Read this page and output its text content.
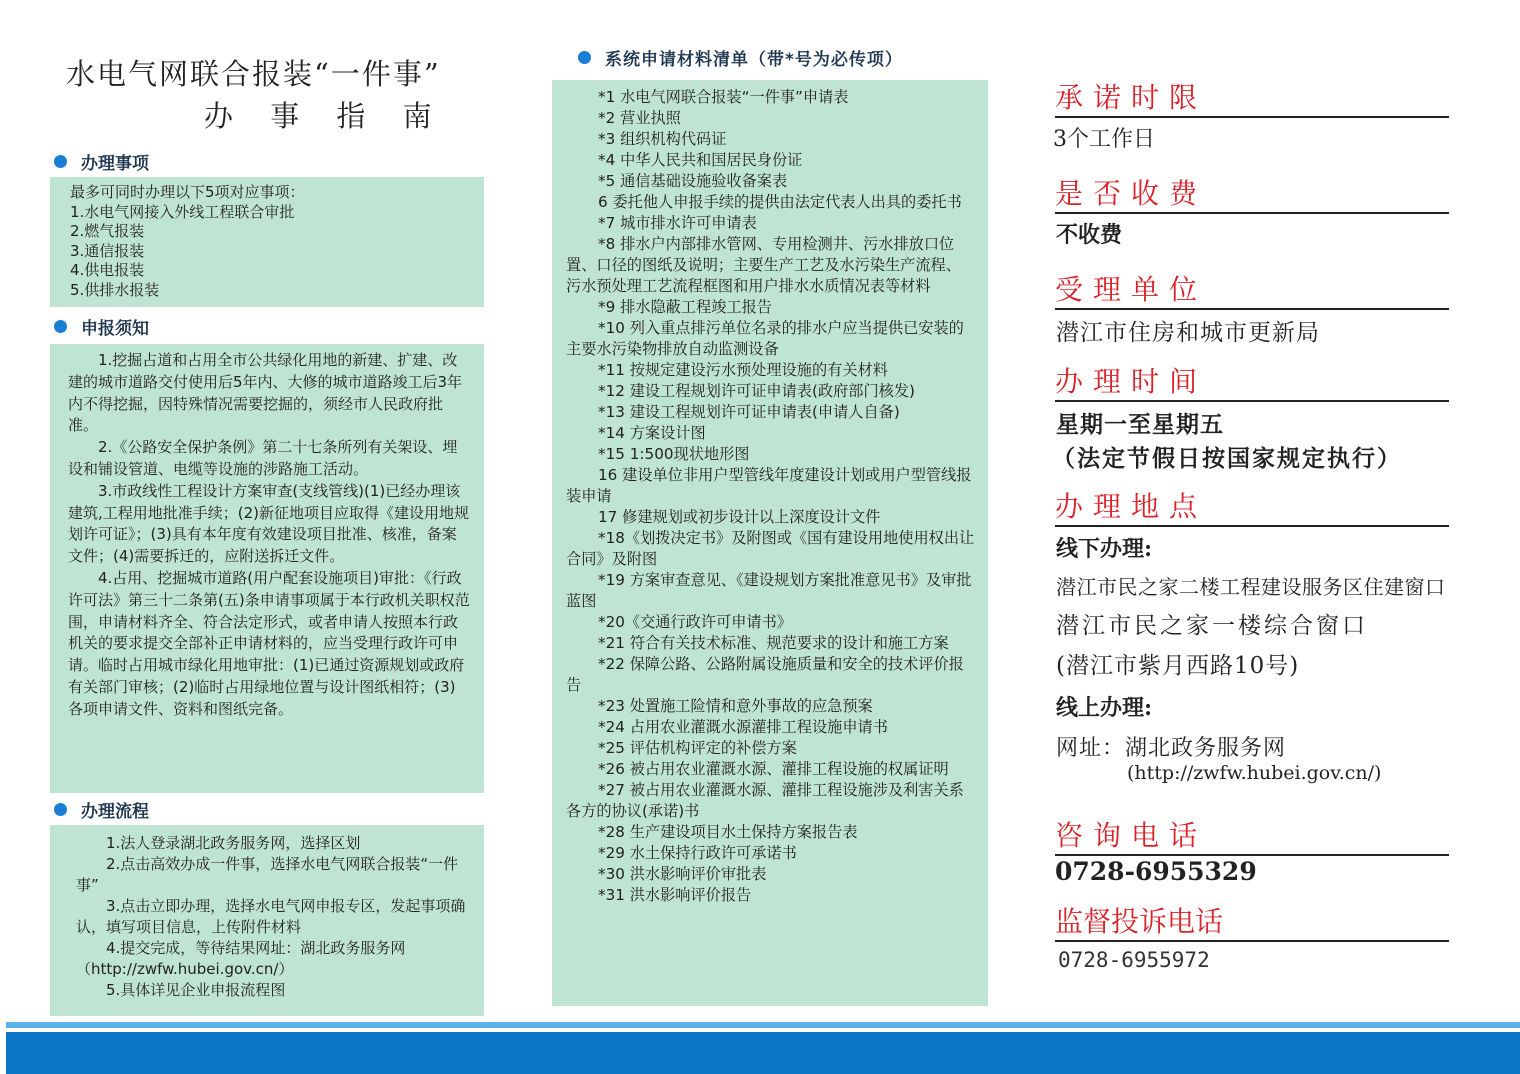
水电气网联合报装“一件事”
办 事 指 南
办理事项
最多可同时办理以下5项对应事项：
1.水电气网接入外线工程联合审批
2.燃气报装
3.通信报装
4.供电报装
5.供排水报装
申报须知
1.挖掘占道和占用全市公共绿化用地的新建、扩建、改建的城市道路交付使用后5年内、大修的城市道路竣工后3年内不得挖掘，因特殊情况需要挖掘的，须经市人民政府批准。
2.《公路安全保护条例》第二十七条所列有关架设、埋设和铺设管道、电缆等设施的涉路施工活动。
3.市政线性工程设计方案审查(支线管线)(1)已经办理该建筑,工程用地批准手续；(2)新征地项目应取得《建设用地规划许可证》；(3)具有本年度有效建设项目批准、核准，备案文件；(4)需要拆迁的，应附送拆迁文件。
4.占用、挖掘城市道路(用户配套设施项目)审批：《行政许可法》第三十二条第(五)条申请事项属于本行政机关职权范围，申请材料齐全、符合法定形式，或者申请人按照本行政机关的要求提交全部补正申请材料的，应当受理行政许可申请。临时占用城市绿化用地审批：(1)已通过资源规划或政府有关部门审核；(2)临时占用绿地位置与设计图纸相符；(3)各项申请文件、资料和图纸完备。
办理流程
1.法人登录湖北政务服务网，选择区划
2.点击高效办成一件事，选择水电气网联合报装“一件事”
3.点击立即办理，选择水电气网申报专区，发起事项确认，填写项目信息，上传附件材料
4.提交完成，等待结果网址：湖北政务服务网（http://zwfw.hubei.gov.cn/）
5.具体详见企业申报流程图
系统申请材料清单（带*号为必传项）
*1 水电气网联合报装“一件事”申请表
*2 营业执照
*3 组织机构代码证
*4 中华人民共和国居民身份证
*5 通信基础设施验收备案表
6 委托他人申报手续的提供由法定代表人出具的委托书
*7 城市排水许可申请表
*8 排水户内部排水管网、专用检测井、污水排放口位置、口径的图纸及说明；主要生产工艺及水污染生产流程、污水预处理工艺流程框图和用户排水水质情况表等材料
*9 排水隐蔽工程竣工报告
*10 列入重点排污单位名录的排水户应当提供已安装的主要水污染物排放自动监测设备
*11 按规定建设污水预处理设施的有关材料
*12 建设工程规划许可证申请表(政府部门核发)
*13 建设工程规划许可证申请表(申请人自备)
*14 方案设计图
*15 1:500现状地形图
16 建设单位非用户型管线年度建设计划或用户型管线报装申请
17 修建规划或初步设计以上深度设计文件
*18《划拨决定书》及附图或《国有建设用地使用权出让合同》及附图
*19 方案审查意见、《建设规划方案批准意见书》及审批蓝图
*20《交通行政许可申请书》
*21 符合有关技术标准、规范要求的设计和施工方案
*22 保障公路、公路附属设施质量和安全的技术评价报告
*23 处置施工险情和意外事故的应急预案
*24 占用农业灌溉水源灌排工程设施申请书
*25 评估机构评定的补偿方案
*26 被占用农业灌溉水源、灌排工程设施的权属证明
*27 被占用农业灌溉水源、灌排工程设施涉及利害关系各方的协议(承诺)书
*28 生产建设项目水土保持方案报告表
*29 水土保持行政许可承诺书
*30 洪水影响评价审批表
*31 洪水影响评价报告
承诺时限
3个工作日
是否收费
不收费
受理单位
潜江市住房和城市更新局
办理时间
星期一至星期五
（法定节假日按国家规定执行）
办理地点
线下办理:
潜江市民之家二楼工程建设服务区住建窗口
潜江市民之家一楼综合窗口
(潜江市紫月西路10号)
线上办理:
网址：湖北政务服务网
(http://zwfw.hubei.gov.cn/)
咨询电话
0728-6955329
监督投诉电话
0728-6955972
